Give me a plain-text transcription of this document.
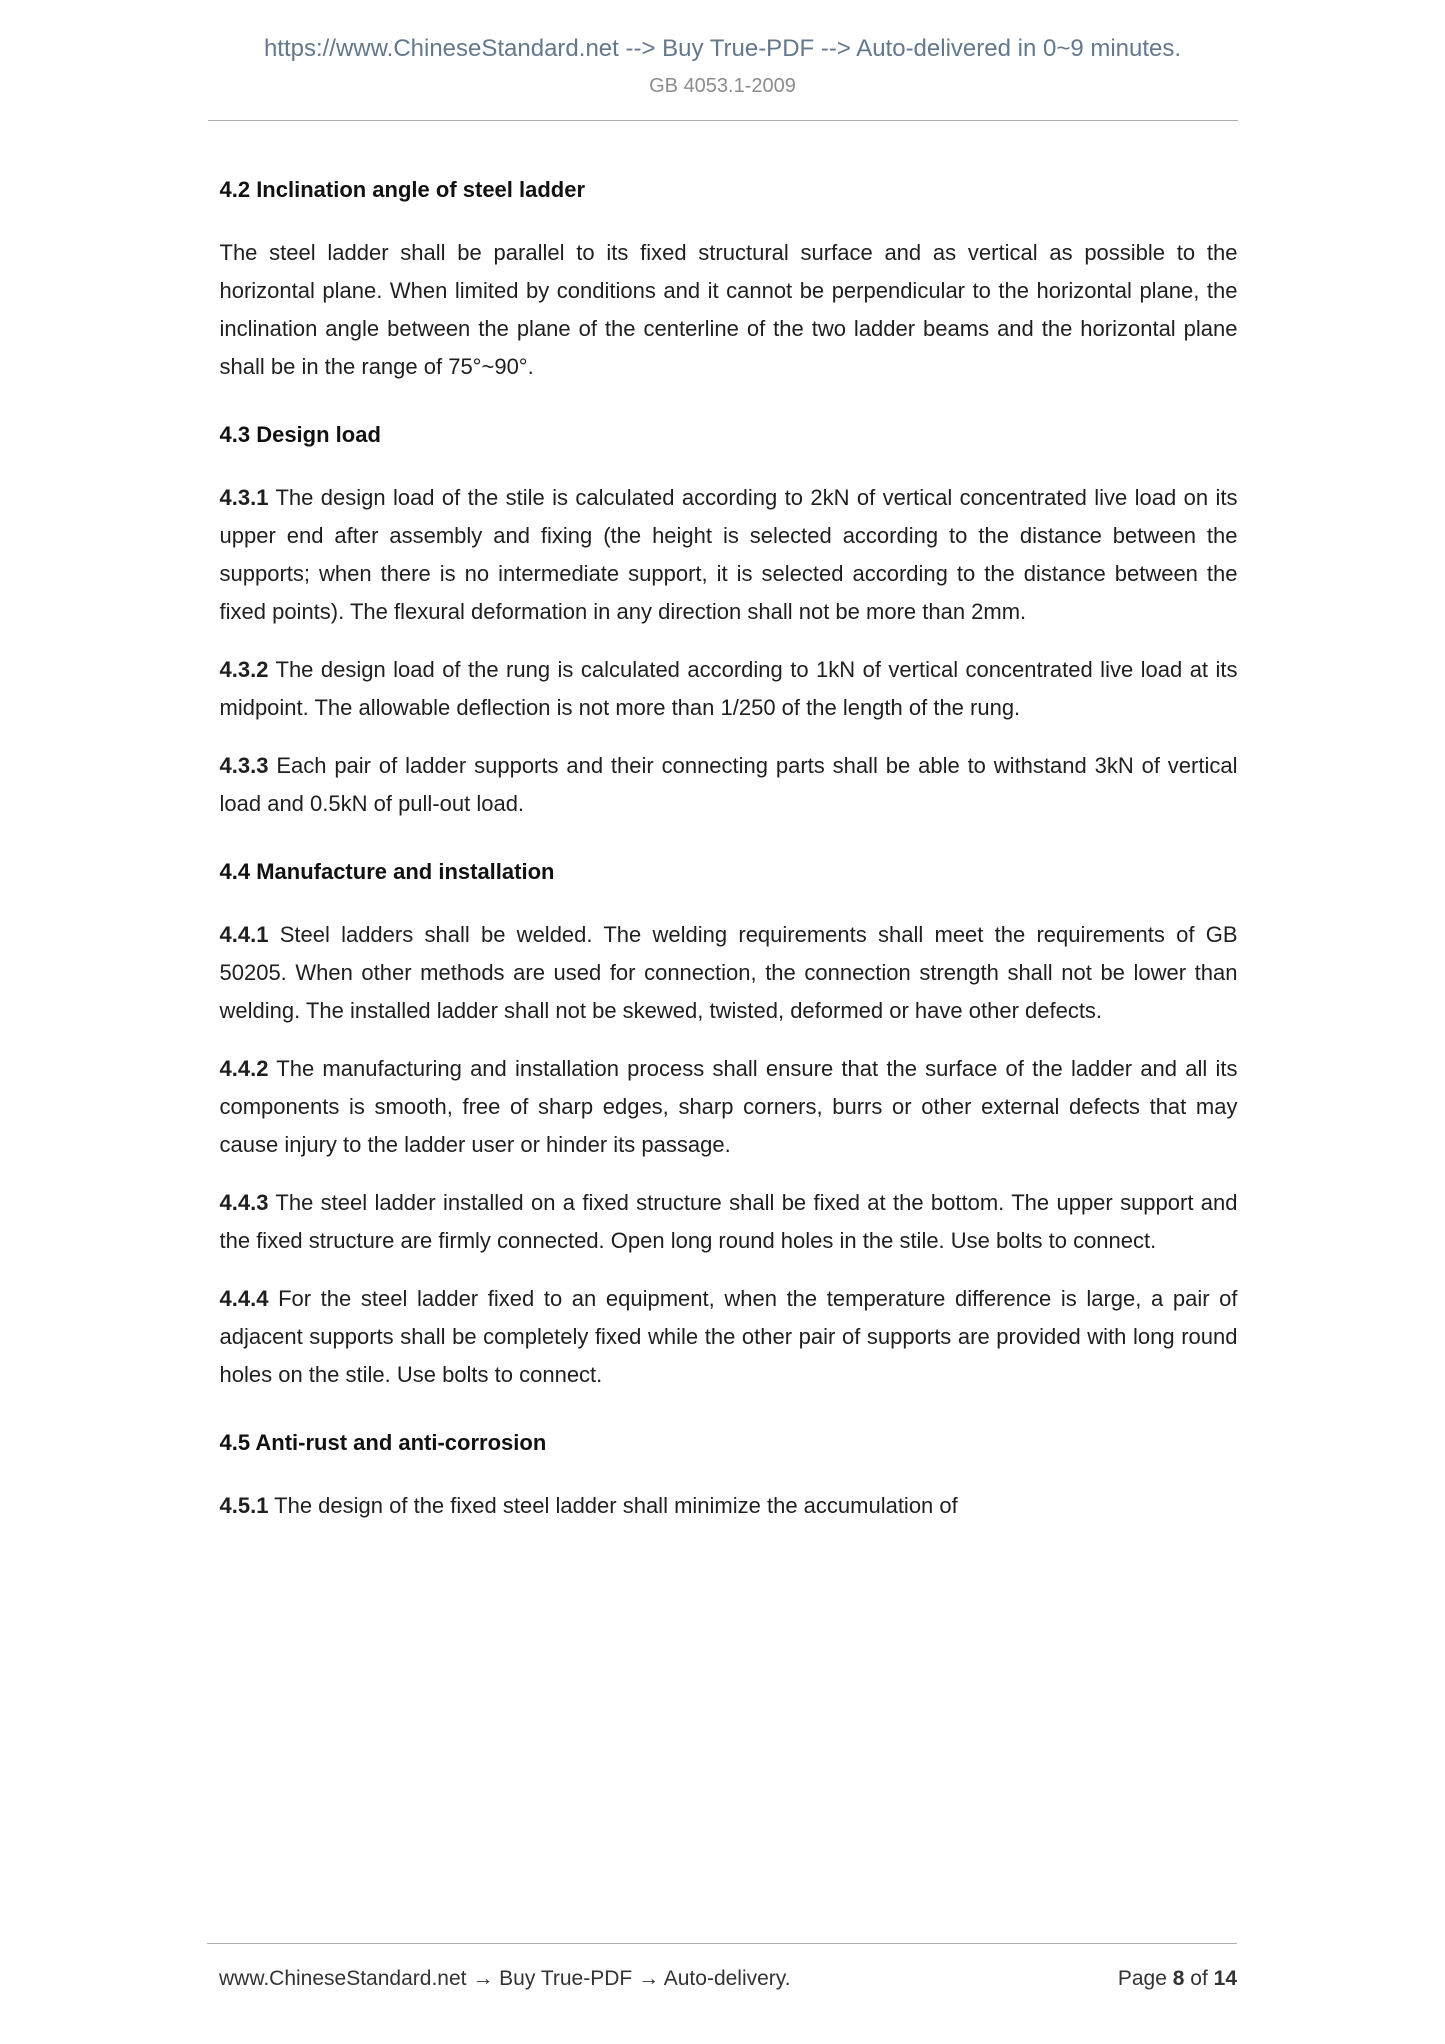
https://www.ChineseStandard.net --> Buy True-PDF --> Auto-delivered in 0~9 minutes.
GB 4053.1-2009
4.2 Inclination angle of steel ladder

The steel ladder shall be parallel to its fixed structural surface and as vertical as possible to the horizontal plane. When limited by conditions and it cannot be perpendicular to the horizontal plane, the inclination angle between the plane of the centerline of the two ladder beams and the horizontal plane shall be in the range of 75°~90°.

4.3 Design load

4.3.1 The design load of the stile is calculated according to 2kN of vertical concentrated live load on its upper end after assembly and fixing (the height is selected according to the distance between the supports; when there is no intermediate support, it is selected according to the distance between the fixed points). The flexural deformation in any direction shall not be more than 2mm.

4.3.2 The design load of the rung is calculated according to 1kN of vertical concentrated live load at its midpoint. The allowable deflection is not more than 1/250 of the length of the rung.

4.3.3 Each pair of ladder supports and their connecting parts shall be able to withstand 3kN of vertical load and 0.5kN of pull-out load.

4.4 Manufacture and installation

4.4.1 Steel ladders shall be welded. The welding requirements shall meet the requirements of GB 50205. When other methods are used for connection, the connection strength shall not be lower than welding. The installed ladder shall not be skewed, twisted, deformed or have other defects.

4.4.2 The manufacturing and installation process shall ensure that the surface of the ladder and all its components is smooth, free of sharp edges, sharp corners, burrs or other external defects that may cause injury to the ladder user or hinder its passage.

4.4.3 The steel ladder installed on a fixed structure shall be fixed at the bottom. The upper support and the fixed structure are firmly connected. Open long round holes in the stile. Use bolts to connect.

4.4.4 For the steel ladder fixed to an equipment, when the temperature difference is large, a pair of adjacent supports shall be completely fixed while the other pair of supports are provided with long round holes on the stile. Use bolts to connect.

4.5 Anti-rust and anti-corrosion

4.5.1 The design of the fixed steel ladder shall minimize the accumulation of

www.ChineseStandard.net → Buy True-PDF → Auto-delivery.	Page 8 of 14
